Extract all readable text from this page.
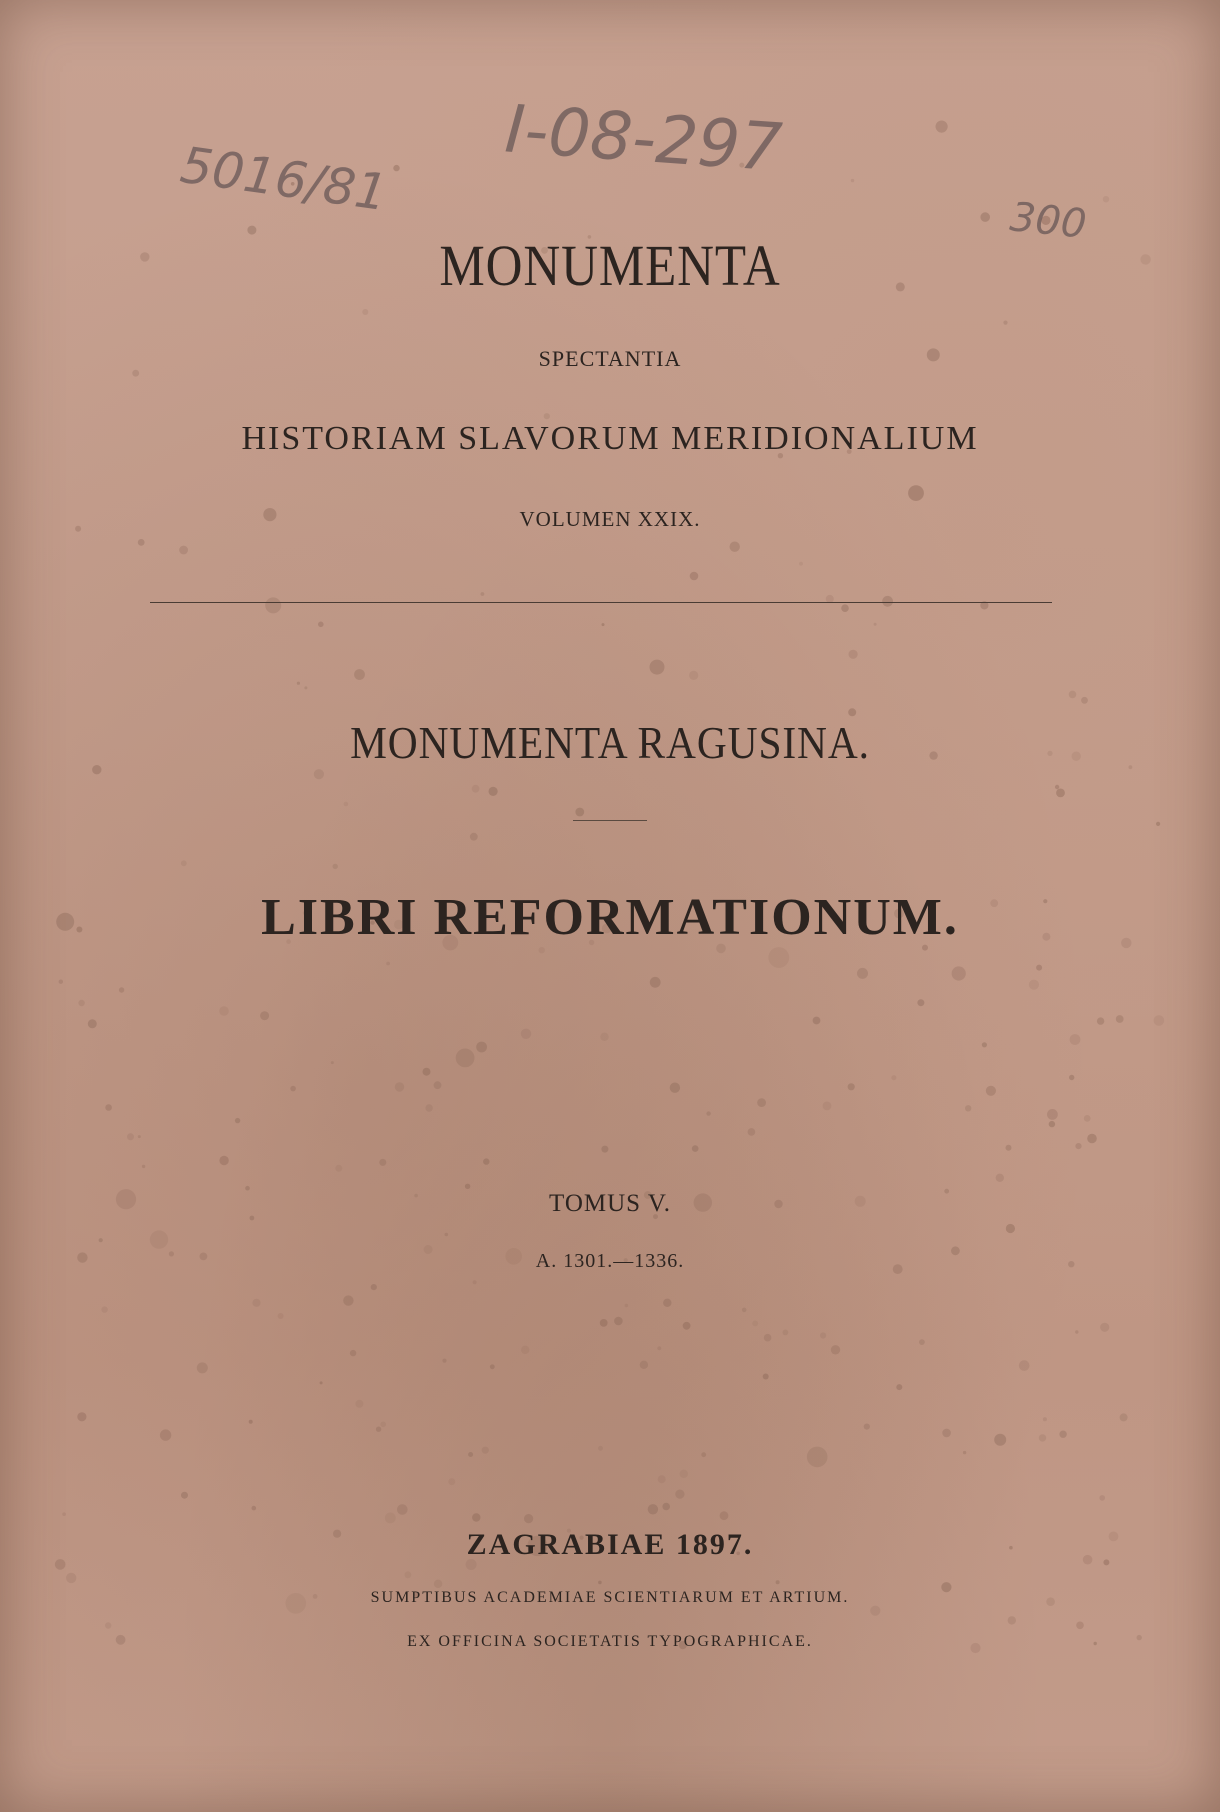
5016/81 I-08-297
300
MONUMENTA
SPECTANTIA
HISTORIAM SLAVORUM MERIDIONALIUM
VOLUMEN XXIX.
MONUMENTA RAGUSINA.
LIBRI REFORMATIONUM.
TOMUS V.
A. 1301.—1336.
ZAGRABIAE 1897.
SUMPTIBUS ACADEMIAE SCIENTIARUM ET ARTIUM.
EX OFFICINA SOCIETATIS TYPOGRAPHICAE.
